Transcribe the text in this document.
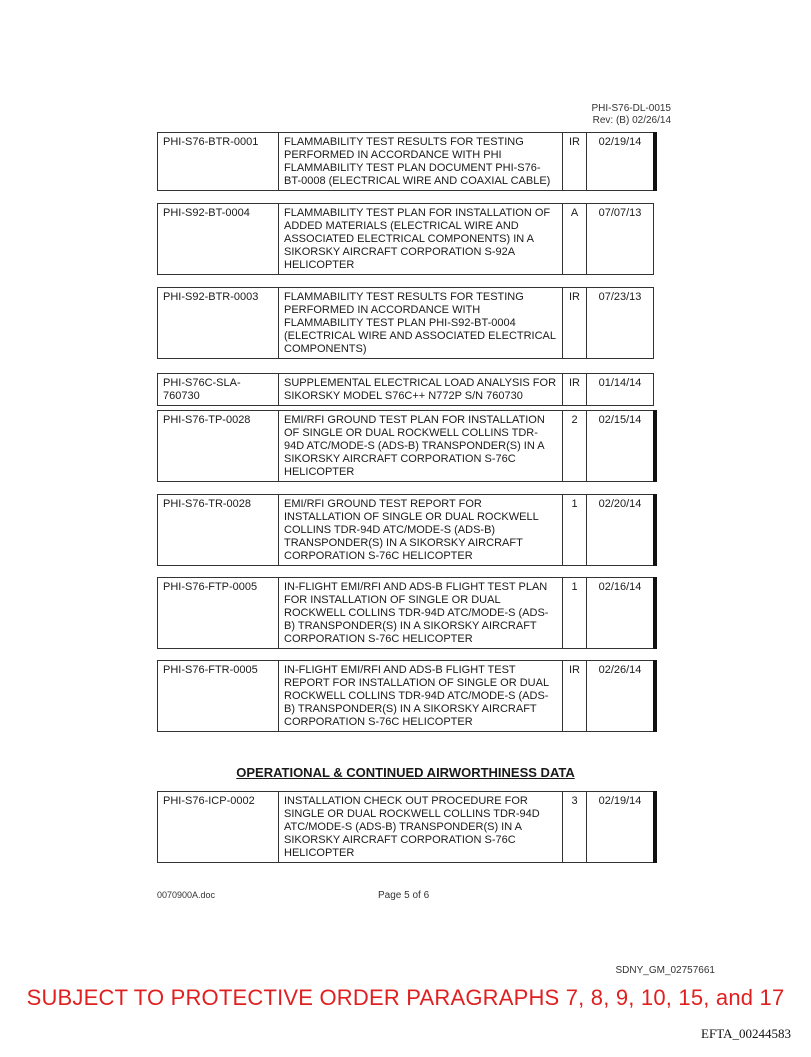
PHI-S76-DL-0015
Rev: (B) 02/26/14
PHI-S76-BTR-0001	FLAMMABILITY TEST RESULTS FOR TESTING PERFORMED IN ACCORDANCE WITH PHI FLAMMABILITY TEST PLAN DOCUMENT PHI-S76-BT-0008 (ELECTRICAL WIRE AND COAXIAL CABLE)	IR	02/19/14
PHI-S92-BT-0004	FLAMMABILITY TEST PLAN FOR INSTALLATION OF ADDED MATERIALS (ELECTRICAL WIRE AND ASSOCIATED ELECTRICAL COMPONENTS) IN A SIKORSKY AIRCRAFT CORPORATION S-92A HELICOPTER	A	07/07/13
PHI-S92-BTR-0003	FLAMMABILITY TEST RESULTS FOR TESTING PERFORMED IN ACCORDANCE WITH FLAMMABILITY TEST PLAN PHI-S92-BT-0004 (ELECTRICAL WIRE AND ASSOCIATED ELECTRICAL COMPONENTS)	IR	07/23/13
PHI-S76C-SLA-760730	SUPPLEMENTAL ELECTRICAL LOAD ANALYSIS FOR SIKORSKY MODEL S76C++ N772P S/N 760730	IR	01/14/14
PHI-S76-TP-0028	EMI/RFI GROUND TEST PLAN FOR INSTALLATION OF SINGLE OR DUAL ROCKWELL COLLINS TDR-94D ATC/MODE-S (ADS-B) TRANSPONDER(S) IN A SIKORSKY AIRCRAFT CORPORATION S-76C HELICOPTER	2	02/15/14
PHI-S76-TR-0028	EMI/RFI GROUND TEST REPORT FOR INSTALLATION OF SINGLE OR DUAL ROCKWELL COLLINS TDR-94D ATC/MODE-S (ADS-B) TRANSPONDER(S) IN A SIKORSKY AIRCRAFT CORPORATION S-76C HELICOPTER	1	02/20/14
PHI-S76-FTP-0005	IN-FLIGHT EMI/RFI AND ADS-B FLIGHT TEST PLAN FOR INSTALLATION OF SINGLE OR DUAL ROCKWELL COLLINS TDR-94D ATC/MODE-S (ADS-B) TRANSPONDER(S) IN A SIKORSKY AIRCRAFT CORPORATION S-76C HELICOPTER	1	02/16/14
PHI-S76-FTR-0005	IN-FLIGHT EMI/RFI AND ADS-B FLIGHT TEST REPORT FOR INSTALLATION OF SINGLE OR DUAL ROCKWELL COLLINS TDR-94D ATC/MODE-S (ADS-B) TRANSPONDER(S) IN A SIKORSKY AIRCRAFT CORPORATION S-76C HELICOPTER	IR	02/26/14
OPERATIONAL & CONTINUED AIRWORTHINESS DATA
PHI-S76-ICP-0002	INSTALLATION CHECK OUT PROCEDURE FOR SINGLE OR DUAL ROCKWELL COLLINS TDR-94D ATC/MODE-S (ADS-B) TRANSPONDER(S) IN A SIKORSKY AIRCRAFT CORPORATION S-76C HELICOPTER	3	02/19/14
0070900A.doc	Page 5 of 6
SDNY_GM_02757661
SUBJECT TO PROTECTIVE ORDER PARAGRAPHS 7, 8, 9, 10, 15, and 17
EFTA_00244583
